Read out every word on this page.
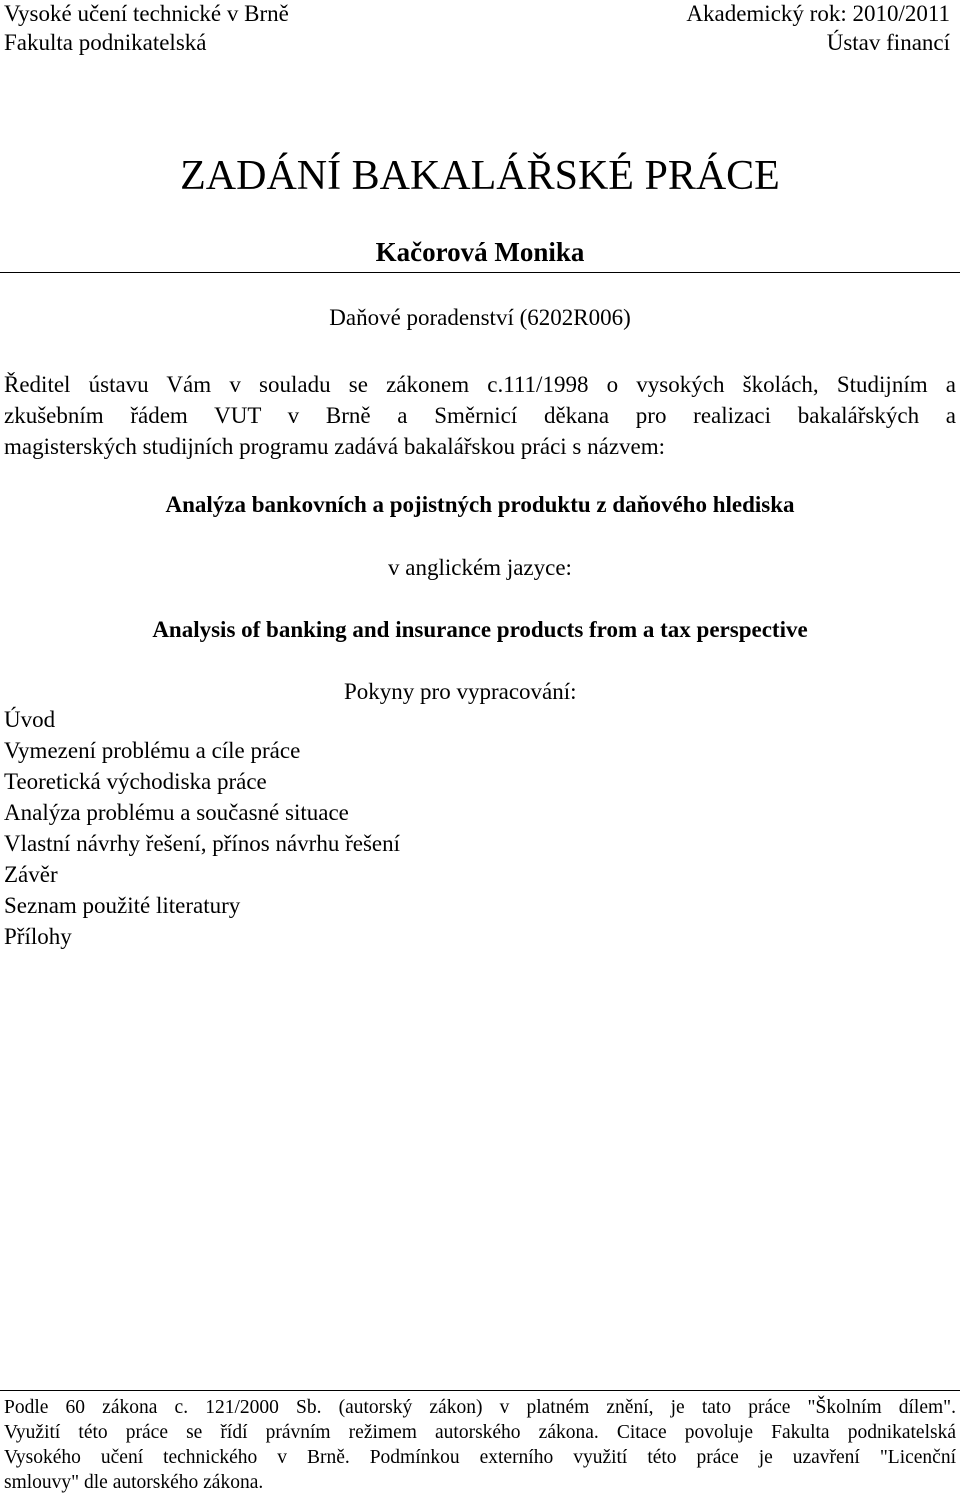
Vysoké učení technické v Brně	Akademický rok: 2010/2011
Fakulta podnikatelská	Ústav financí
ZADÁNÍ BAKALÁŘSKÉ PRÁCE
Kačorová Monika
Daňové poradenství (6202R006)
Ředitel ústavu Vám v souladu se zákonem c.111/1998 o vysokých školách, Studijním a
zkušebním řádem VUT v Brně a Směrnicí děkana pro realizaci bakalářských a
magisterských studijních programu zadává bakalářskou práci s názvem:
Analýza bankovních a pojistných produktu z daňového hlediska
v anglickém jazyce:
Analysis of banking and insurance products from a tax perspective
Pokyny pro vypracování:
Úvod
Vymezení problému a cíle práce
Teoretická východiska práce
Analýza problému a současné situace
Vlastní návrhy řešení, přínos návrhu řešení
Závěr
Seznam použité literatury
Přílohy
Podle 60 zákona c. 121/2000 Sb. (autorský zákon) v platném znění, je tato práce "Školním dílem".
Využití této práce se řídí právním režimem autorského zákona. Citace povoluje Fakulta podnikatelská
Vysokého učení technického v Brně. Podmínkou externího využití této práce je uzavření "Licenční
smlouvy" dle autorského zákona.
